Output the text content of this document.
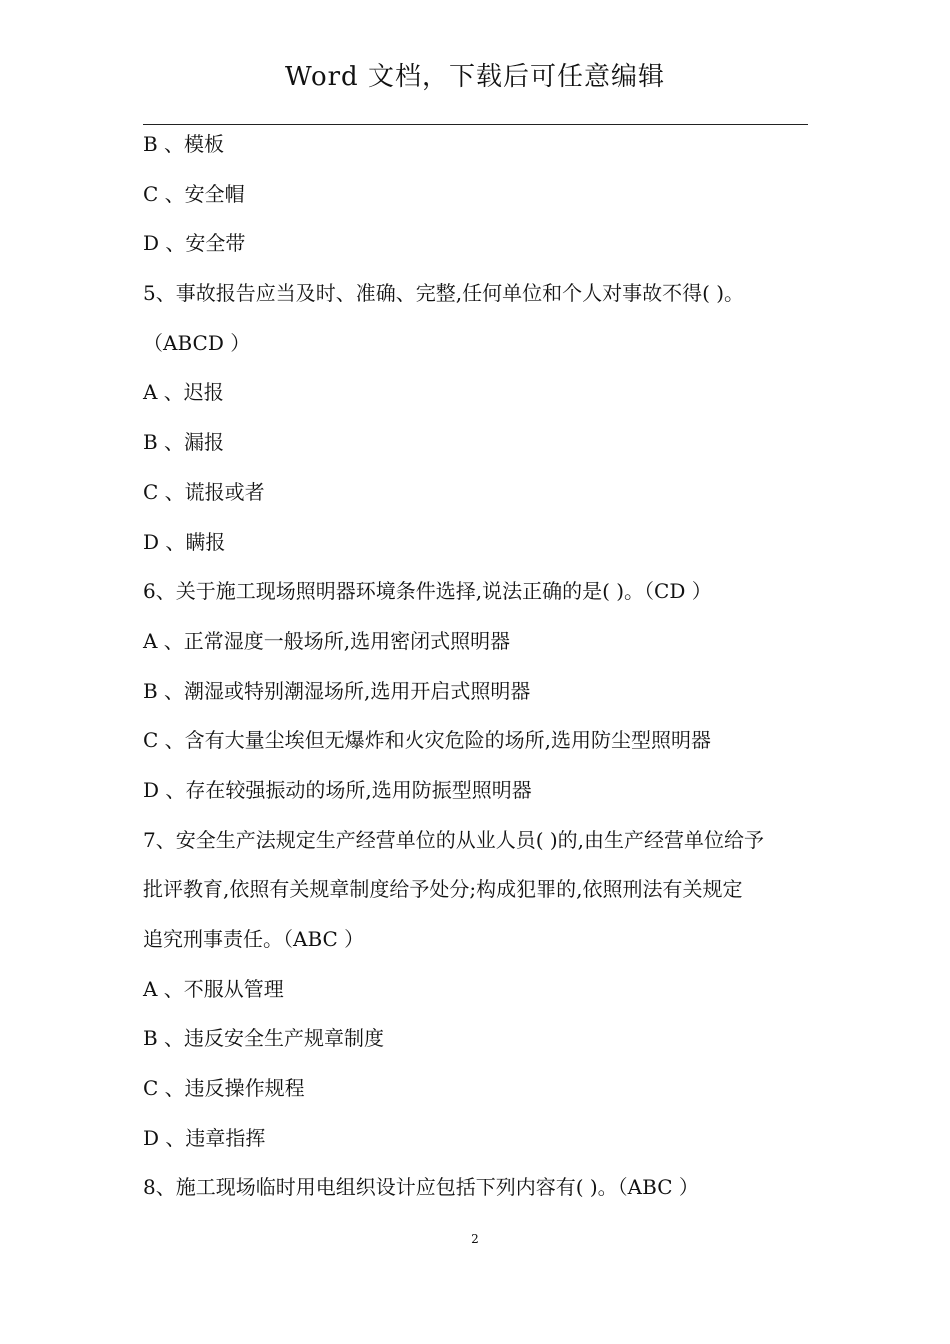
Word 文档，下载后可任意编辑
B 、模板
C 、安全帽
D 、安全带
5、事故报告应当及时、准确、完整,任何单位和个人对事故不得( )。
（ABCD ）
A 、迟报
B 、漏报
C 、谎报或者
D 、瞒报
6、关于施工现场照明器环境条件选择,说法正确的是( )。（CD ）
A 、正常湿度一般场所,选用密闭式照明器
B 、潮湿或特别潮湿场所,选用开启式照明器
C 、含有大量尘埃但无爆炸和火灾危险的场所,选用防尘型照明器
D 、存在较强振动的场所,选用防振型照明器
7、安全生产法规定生产经营单位的从业人员( )的,由生产经营单位给予
批评教育,依照有关规章制度给予处分;构成犯罪的,依照刑法有关规定
追究刑事责任。（ABC ）
A 、不服从管理
B 、违反安全生产规章制度
C 、违反操作规程
D 、违章指挥
8、施工现场临时用电组织设计应包括下列内容有( )。（ABC ）
2
